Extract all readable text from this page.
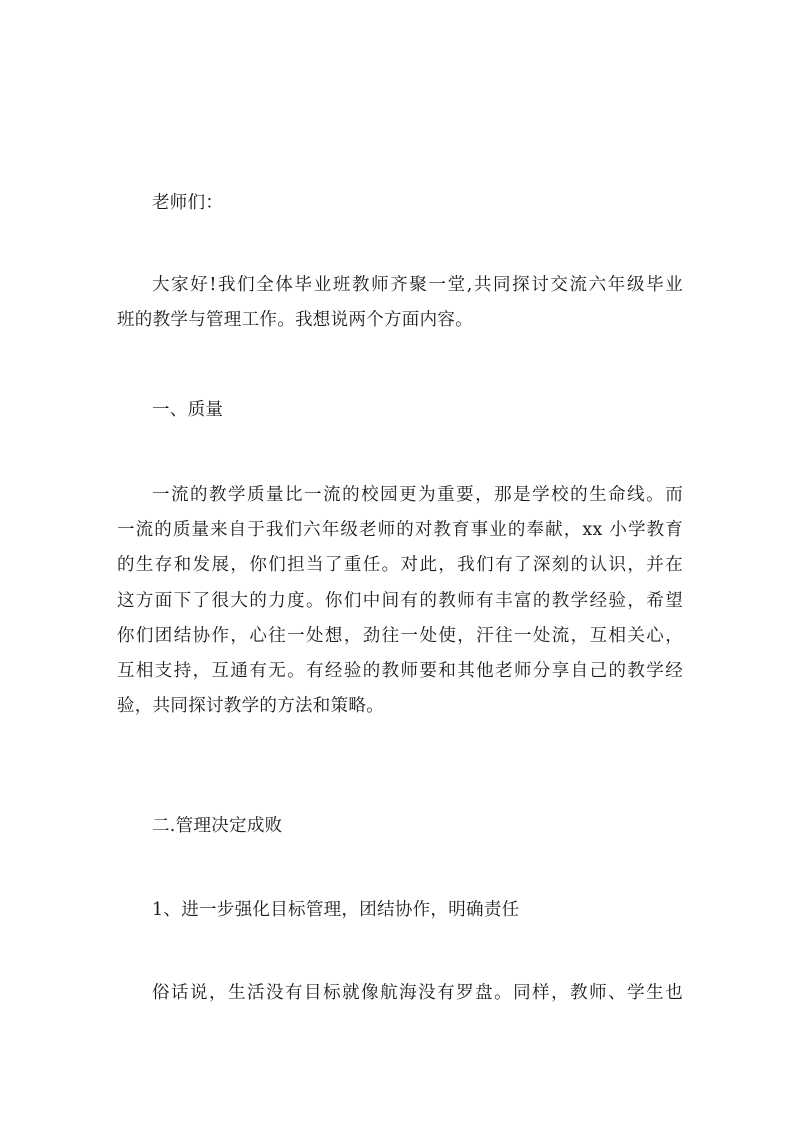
老师们：
大家好!我们全体毕业班教师齐聚一堂,共同探讨交流六年级毕业
班的教学与管理工作。我想说两个方面内容。
一、质量
一流的教学质量比一流的校园更为重要，那是学校的生命线。而
一流的质量来自于我们六年级老师的对教育事业的奉献，xx 小学教育
的生存和发展，你们担当了重任。对此，我们有了深刻的认识，并在
这方面下了很大的力度。你们中间有的教师有丰富的教学经验，希望
你们团结协作，心往一处想，劲往一处使，汗往一处流，互相关心，
互相支持，互通有无。有经验的教师要和其他老师分享自己的教学经
验，共同探讨教学的方法和策略。
二.管理决定成败
1、进一步强化目标管理，团结协作，明确责任
俗话说，生活没有目标就像航海没有罗盘。同样，教师、学生也
